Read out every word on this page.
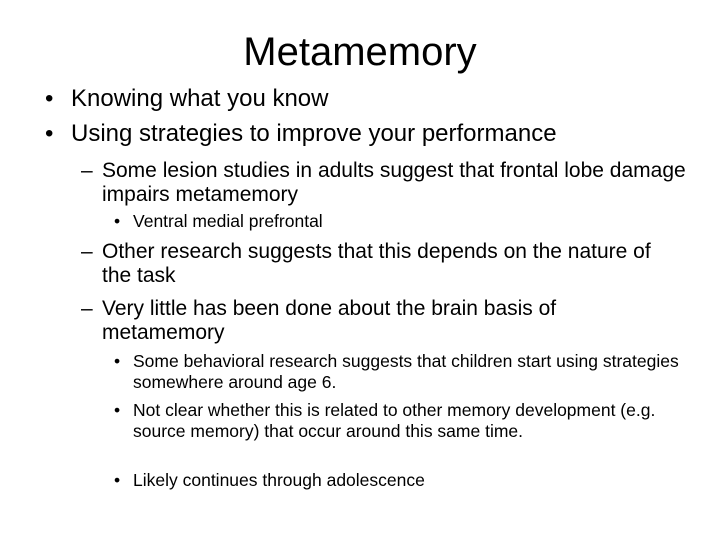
Metamemory
• Knowing what you know
• Using strategies to improve your performance
– Some lesion studies in adults suggest that frontal lobe damage impairs metamemory
• Ventral medial prefrontal
– Other research suggests that this depends on the nature of the task
– Very little has been done about the brain basis of metamemory
• Some behavioral research suggests that children start using strategies somewhere around age 6.
• Not clear whether this is related to other memory development (e.g. source memory) that occur around this same time.
• Likely continues through adolescence
